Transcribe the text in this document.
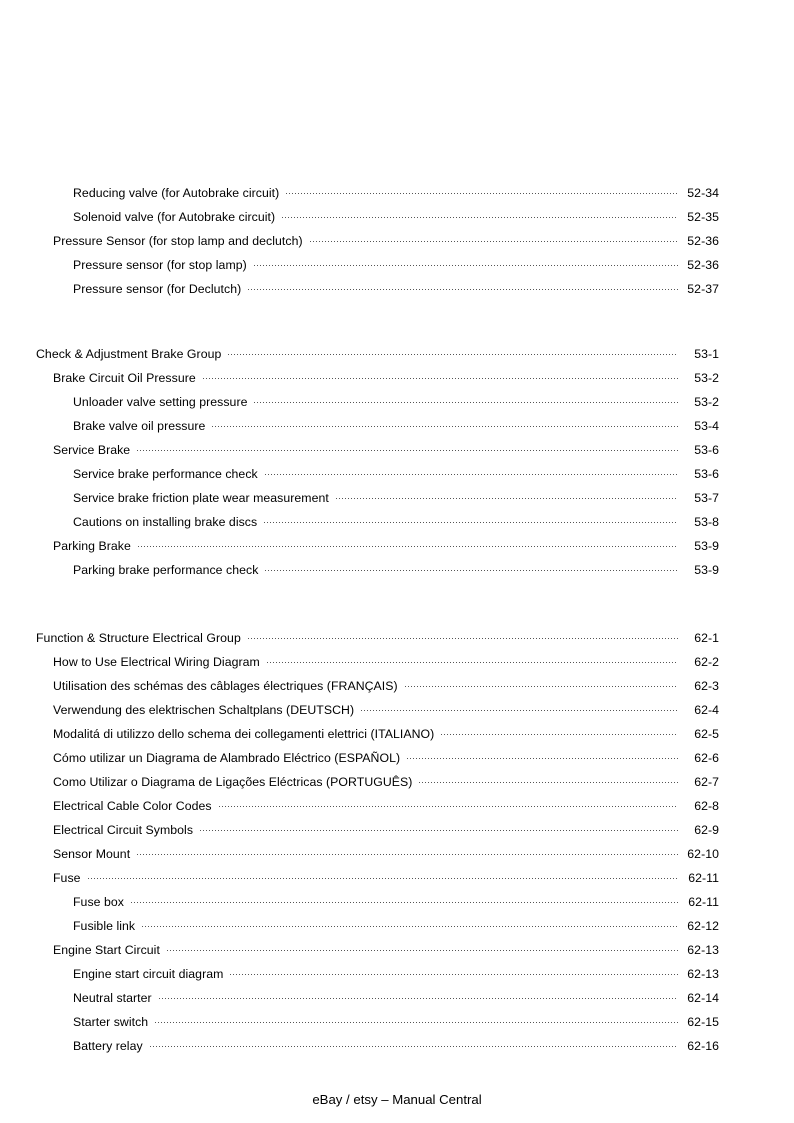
Reducing valve (for Autobrake circuit)	52-34
Solenoid valve (for Autobrake circuit)	52-35
Pressure Sensor (for stop lamp and declutch)	52-36
Pressure sensor (for stop lamp)	52-36
Pressure sensor (for Declutch)	52-37
Check & Adjustment Brake Group	53-1
Brake Circuit Oil Pressure	53-2
Unloader valve setting pressure	53-2
Brake valve oil pressure	53-4
Service Brake	53-6
Service brake performance check	53-6
Service brake friction plate wear measurement	53-7
Cautions on installing brake discs	53-8
Parking Brake	53-9
Parking brake performance check	53-9
Function & Structure Electrical Group	62-1
How to Use Electrical Wiring Diagram	62-2
Utilisation des schémas des câblages électriques (FRANÇAIS)	62-3
Verwendung des elektrischen Schaltplans (DEUTSCH)	62-4
Modalitá di utilizzo dello schema dei collegamenti elettrici (ITALIANO)	62-5
Cómo utilizar un Diagrama de Alambrado Eléctrico (ESPAÑOL)	62-6
Como Utilizar o Diagrama de Ligações Eléctricas (PORTUGUÊS)	62-7
Electrical Cable Color Codes	62-8
Electrical Circuit Symbols	62-9
Sensor Mount	62-10
Fuse	62-11
Fuse box	62-11
Fusible link	62-12
Engine Start Circuit	62-13
Engine start circuit diagram	62-13
Neutral starter	62-14
Starter switch	62-15
Battery relay	62-16
eBay / etsy – Manual Central
